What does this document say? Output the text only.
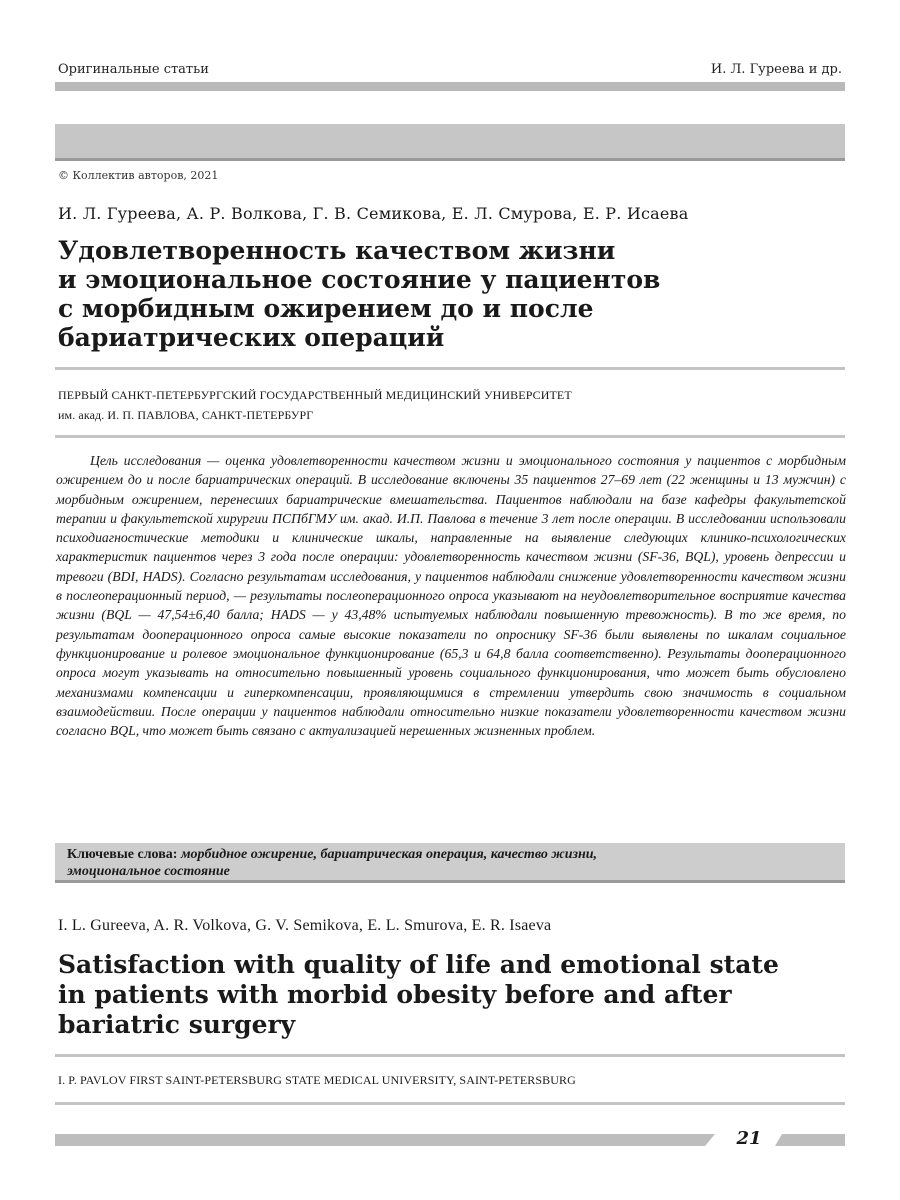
Оригинальные статьи	И. Л. Гуреева и др.
© Коллектив авторов, 2021
И. Л. Гуреева, А. Р. Волкова, Г. В. Семикова, Е. Л. Смурова, Е. Р. Исаева
Удовлетворенность качеством жизни
и эмоциональное состояние у пациентов
с морбидным ожирением до и после
бариатрических операций
ПЕРВЫЙ САНКТ-ПЕТЕРБУРГСКИЙ ГОСУДАРСТВЕННЫЙ МЕДИЦИНСКИЙ УНИВЕРСИТЕТ
им. акад. И. П. ПАВЛОВА, САНКТ-ПЕТЕРБУРГ

Цель исследования — оценка удовлетворенности качеством жизни и эмоционального состояния у пациентов с морбидным ожирением до и после бариатрических операций. В исследование включены 35 пациентов 27–69 лет (22 женщины и 13 мужчин) с морбидным ожирением, перенесших бариатрические вмешательства. Пациентов наблюдали на базе кафедры факультетской терапии и факультетской хирургии ПСПбГМУ им. акад. И.П. Павлова в течение 3 лет после операции. В исследовании использовали психодиагностические методики и клинические шкалы, направленные на выявление следующих клинико-психологических характеристик пациентов через 3 года после операции: удовлетворенность качеством жизни (SF-36, BQL), уровень депрессии и тревоги (BDI, HADS). Согласно результатам исследования, у пациентов наблюдали снижение удовлетворенности качеством жизни в послеоперационный период, — результаты послеоперационного опроса указывают на неудовлетворительное восприятие качества жизни (BQL — 47,54±6,40 балла; HADS — у 43,48% испытуемых наблюдали повышенную тревожность). В то же время, по результатам дооперационного опроса самые высокие показатели по опроснику SF-36 были выявлены по шкалам социальное функционирование и ролевое эмоциональное функционирование (65,3 и 64,8 балла соответственно). Результаты дооперационного опроса могут указывать на относительно повышенный уровень социального функционирования, что может быть обусловлено механизмами компенсации и гиперкомпенсации, проявляющимися в стремлении утвердить свою значимость в социальном взаимодействии. После операции у пациентов наблюдали относительно низкие показатели удовлетворенности качеством жизни согласно BQL, что может быть связано с актуализацией нерешенных жизненных проблем.

Ключевые слова: морбидное ожирение, бариатрическая операция, качество жизни,
эмоциональное состояние
I. L. Gureeva, A. R. Volkova, G. V. Semikova, E. L. Smurova, E. R. Isaeva
Satisfaction with quality of life and emotional state
in patients with morbid obesity before and after
bariatric surgery
I. P. PAVLOV FIRST SAINT-PETERSBURG STATE MEDICAL UNIVERSITY, SAINT-PETERSBURG
21
